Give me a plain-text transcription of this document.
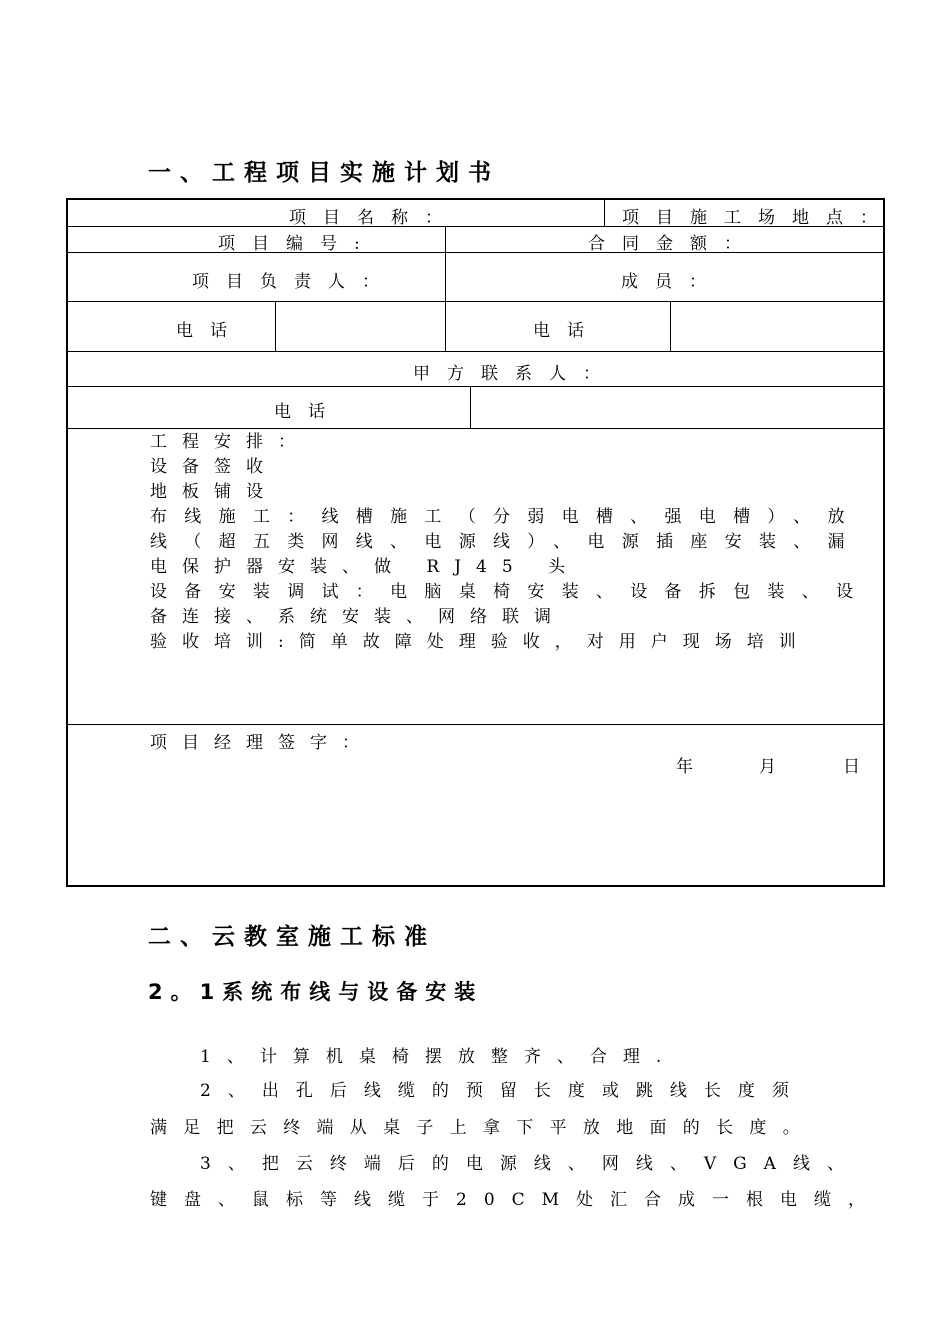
一、工程项目实施计划书
项目名称：	项目施工场地点：
项目编号:	合同金额：
项目负责人：	成员：
电话	电话
甲方联系人：
电话
工程安排：
设备签收
地板铺设
布线施工：线槽施工（分弱电槽、强电槽）、放
线（超五类网线、电源线）、电源插座安装、漏
电保护器安装、做 RJ45 头
设备安装调试：电脑桌椅安装、设备拆包装、设
备连接、系统安装、网络联调
验收培训:简单故障处理验收，对用户现场培训
项目经理签字：
年	月	日
二、云教室施工标准
2。1系统布线与设备安装
1、计算机桌椅摆放整齐、合理.
2、出孔后线缆的预留长度或跳线长度须
满足把云终端从桌子上拿下平放地面的长度。
3、把云终端后的电源线、网线、VGA线、
键盘、鼠标等线缆于20CM处汇合成一根电缆，
